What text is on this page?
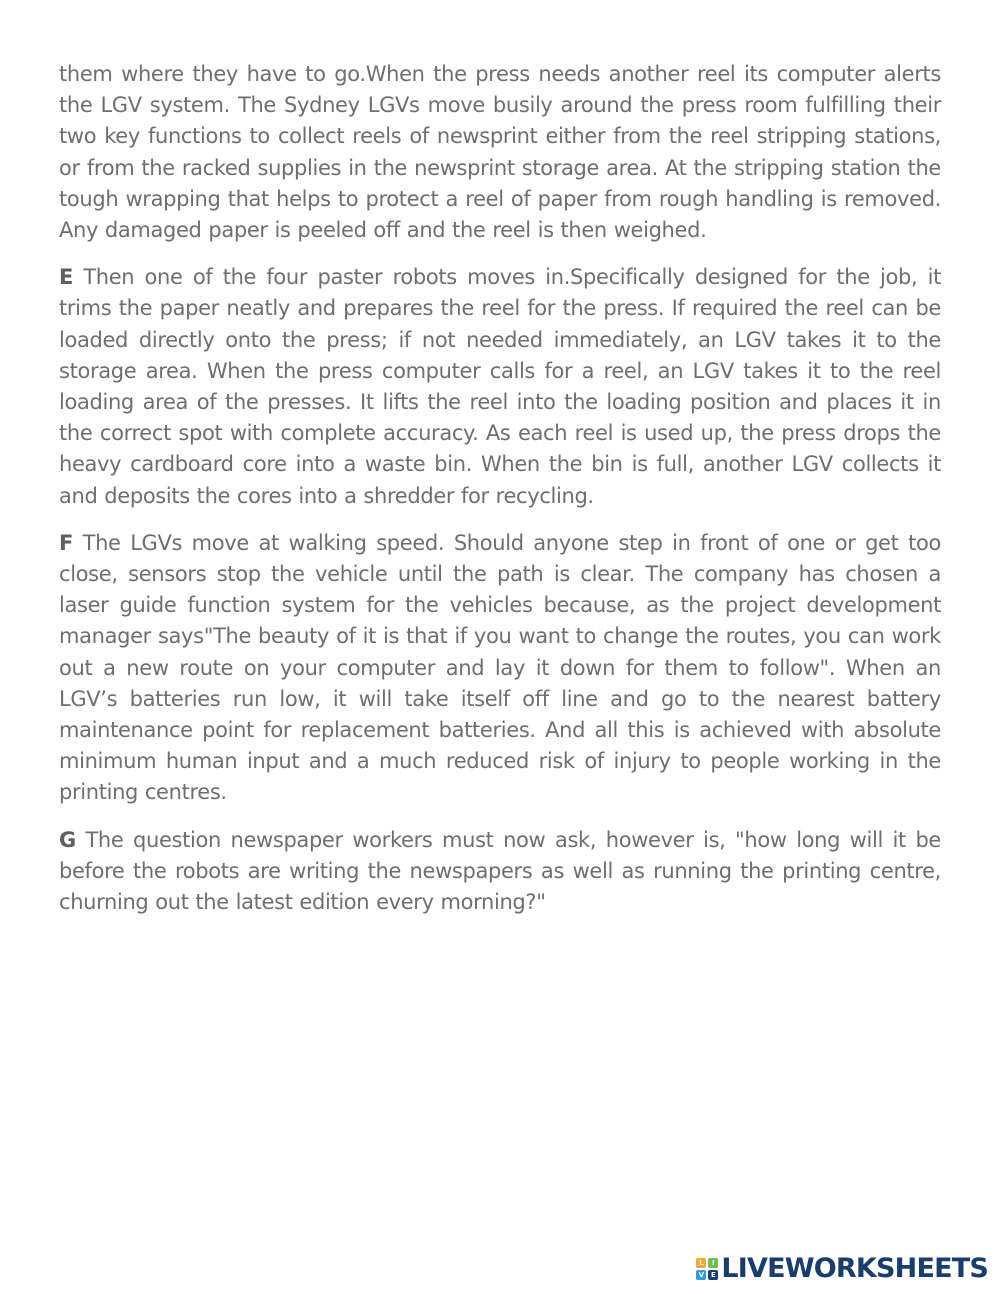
them where they have to go.When the press needs another reel its computer alerts the LGV system. The Sydney LGVs move busily around the press room fulfilling their two key functions to collect reels of newsprint either from the reel stripping stations, or from the racked supplies in the newsprint storage area. At the stripping station the tough wrapping that helps to protect a reel of paper from rough handling is removed. Any damaged paper is peeled off and the reel is then weighed.

E Then one of the four paster robots moves in.Specifically designed for the job, it trims the paper neatly and prepares the reel for the press. If required the reel can be loaded directly onto the press; if not needed immediately, an LGV takes it to the storage area. When the press computer calls for a reel, an LGV takes it to the reel loading area of the presses. It lifts the reel into the loading position and places it in the correct spot with complete accuracy. As each reel is used up, the press drops the heavy cardboard core into a waste bin. When the bin is full, another LGV collects it and deposits the cores into a shredder for recycling.

F The LGVs move at walking speed. Should anyone step in front of one or get too close, sensors stop the vehicle until the path is clear. The company has chosen a laser guide function system for the vehicles because, as the project development manager says"The beauty of it is that if you want to change the routes, you can work out a new route on your computer and lay it down for them to follow". When an LGV’s batteries run low, it will take itself off line and go to the nearest battery maintenance point for replacement batteries. And all this is achieved with absolute minimum human input and a much reduced risk of injury to people working in the printing centres.

G The question newspaper workers must now ask, however is, "how long will it be before the robots are writing the newspapers as well as running the printing centre, churning out the latest edition every morning?"

L	I
V E LIVEWORKSHEETS
